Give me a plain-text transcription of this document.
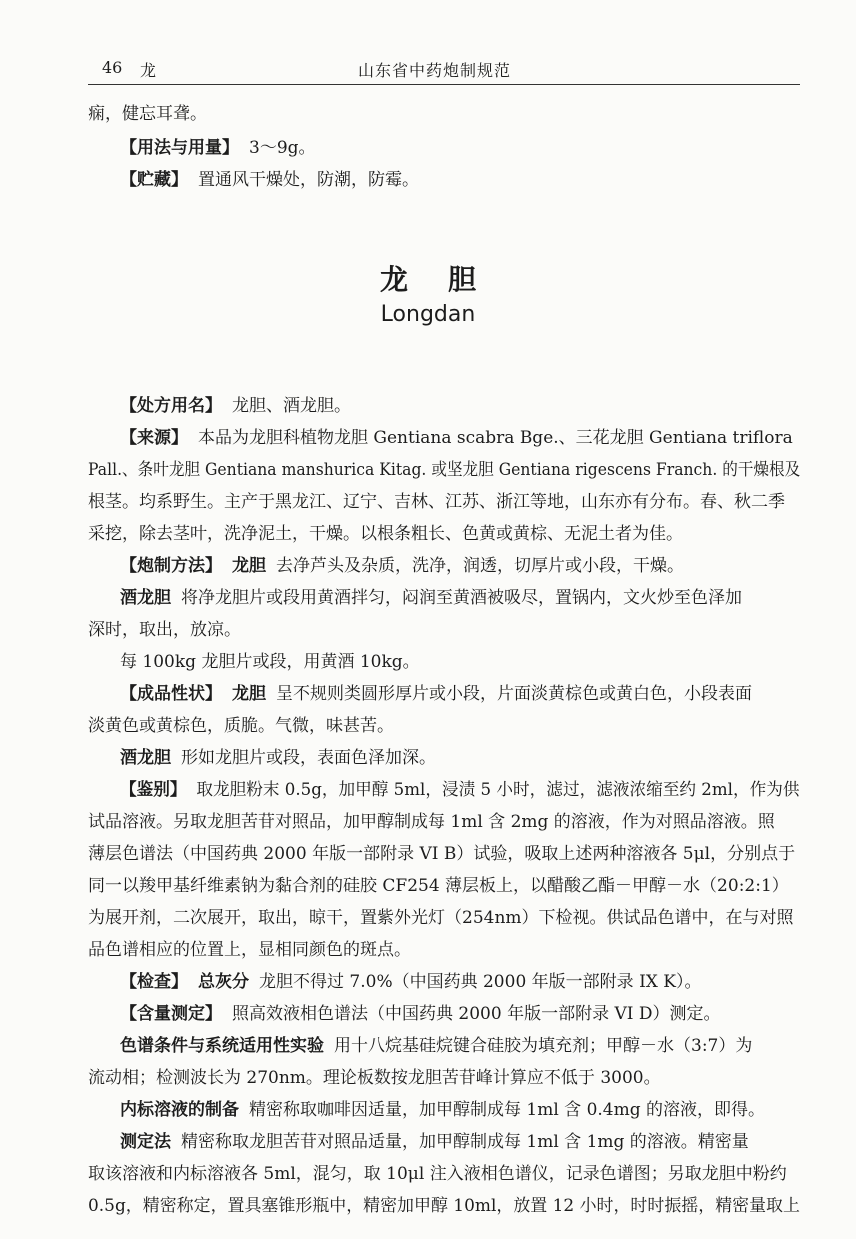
46 龙	山东省中药炮制规范
痫，健忘耳聋。
【用法与用量】 3～9g。
【贮藏】 置通风干燥处，防潮，防霉。
龙胆
Longdan
【处方用名】 龙胆、酒龙胆。
【来源】 本品为龙胆科植物龙胆 Gentiana scabra Bge.、三花龙胆 Gentiana triflora
Pall.、条叶龙胆 Gentiana manshurica Kitag. 或坚龙胆 Gentiana rigescens Franch. 的干燥根及
根茎。均系野生。主产于黑龙江、辽宁、吉林、江苏、浙江等地，山东亦有分布。春、秋二季
采挖，除去茎叶，洗净泥土，干燥。以根条粗长、色黄或黄棕、无泥土者为佳。
【炮制方法】 龙胆 去净芦头及杂质，洗净，润透，切厚片或小段，干燥。
酒龙胆 将净龙胆片或段用黄酒拌匀，闷润至黄酒被吸尽，置锅内，文火炒至色泽加
深时，取出，放凉。
每 100kg 龙胆片或段，用黄酒 10kg。
【成品性状】 龙胆 呈不规则类圆形厚片或小段，片面淡黄棕色或黄白色，小段表面
淡黄色或黄棕色，质脆。气微，味甚苦。
酒龙胆 形如龙胆片或段，表面色泽加深。
【鉴别】 取龙胆粉末 0.5g，加甲醇 5ml，浸渍 5 小时，滤过，滤液浓缩至约 2ml，作为供
试品溶液。另取龙胆苦苷对照品，加甲醇制成每 1ml 含 2mg 的溶液，作为对照品溶液。照
薄层色谱法（中国药典 2000 年版一部附录 VI B）试验，吸取上述两种溶液各 5μl，分别点于
同一以羧甲基纤维素钠为黏合剂的硅胶 CF254 薄层板上，以醋酸乙酯－甲醇－水（20:2:1）
为展开剂，二次展开，取出，晾干，置紫外光灯（254nm）下检视。供试品色谱中，在与对照
品色谱相应的位置上，显相同颜色的斑点。
【检查】 总灰分 龙胆不得过 7.0%（中国药典 2000 年版一部附录 IX K）。
【含量测定】 照高效液相色谱法（中国药典 2000 年版一部附录 VI D）测定。
色谱条件与系统适用性实验 用十八烷基硅烷键合硅胶为填充剂；甲醇－水（3:7）为
流动相；检测波长为 270nm。理论板数按龙胆苦苷峰计算应不低于 3000。
内标溶液的制备 精密称取咖啡因适量，加甲醇制成每 1ml 含 0.4mg 的溶液，即得。
测定法 精密称取龙胆苦苷对照品适量，加甲醇制成每 1ml 含 1mg 的溶液。精密量
取该溶液和内标溶液各 5ml，混匀，取 10μl 注入液相色谱仪，记录色谱图；另取龙胆中粉约
0.5g，精密称定，置具塞锥形瓶中，精密加甲醇 10ml，放置 12 小时，时时振摇，精密量取上
